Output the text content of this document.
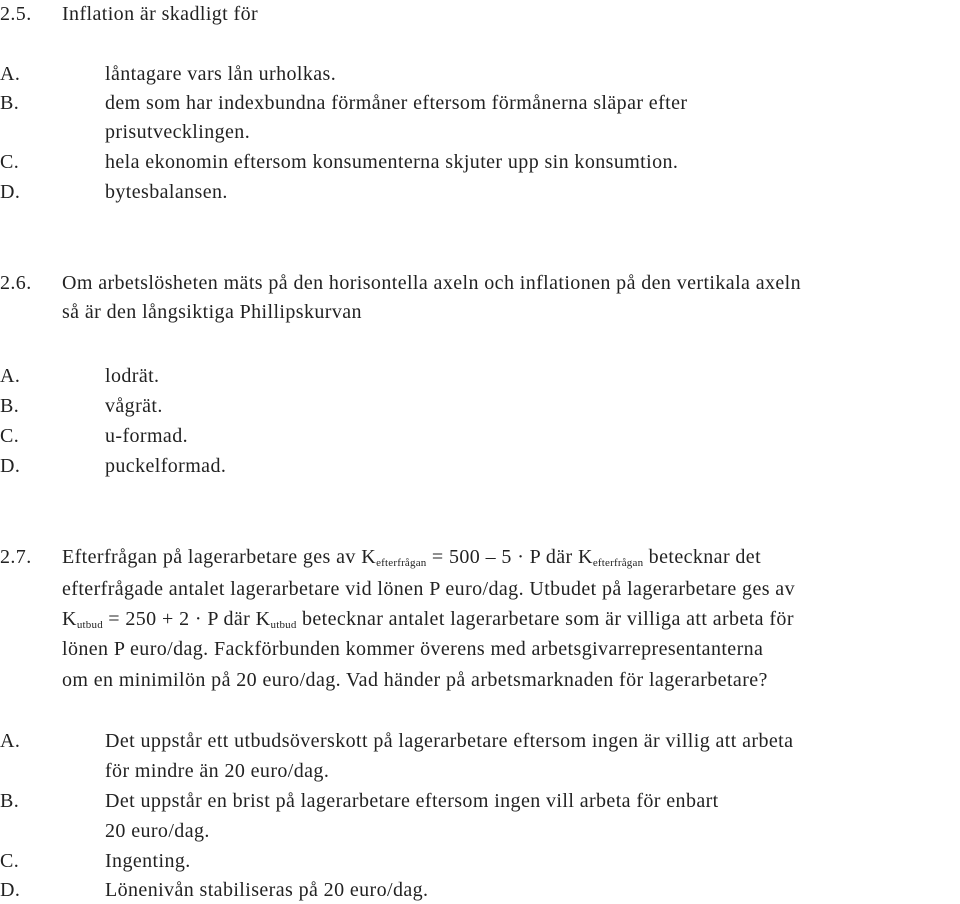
2.5. Inflation är skadligt för
A.	låntagare vars lån urholkas.
B.	dem som har indexbundna förmåner eftersom förmånerna släpar efter
prisutvecklingen.
C.	hela ekonomin eftersom konsumenterna skjuter upp sin konsumtion.
D.	bytesbalansen.
2.6. Om arbetslösheten mäts på den horisontella axeln och inflationen på den vertikala axeln
så är den långsiktiga Phillipskurvan
A.	lodrät.
B.	vågrät.
C.	u-formad.
D.	puckelformad.
2.7. Efterfrågan på lagerarbetare ges av $K_{efterfrågan} = 500 - 5 \cdot P$ där $K_{efterfrågan}$ betecknar det
efterfrågade antalet lagerarbetare vid lönen P euro/dag. Utbudet på lagerarbetare ges av
$K_{utbud} = 250 + 2 \cdot P$ där $K_{utbud}$ betecknar antalet lagerarbetare som är villiga att arbeta för
lönen P euro/dag. Fackförbunden kommer överens med arbetsgivarrepresentanterna
om en minimilön på 20 euro/dag. Vad händer på arbetsmarknaden för lagerarbetare?
A.	Det uppstår ett utbudsöverskott på lagerarbetare eftersom ingen är villig att arbeta
för mindre än 20 euro/dag.
B.	Det uppstår en brist på lagerarbetare eftersom ingen vill arbeta för enbart
20 euro/dag.
C.	Ingenting.
D.	Lönenivån stabiliseras på 20 euro/dag.
